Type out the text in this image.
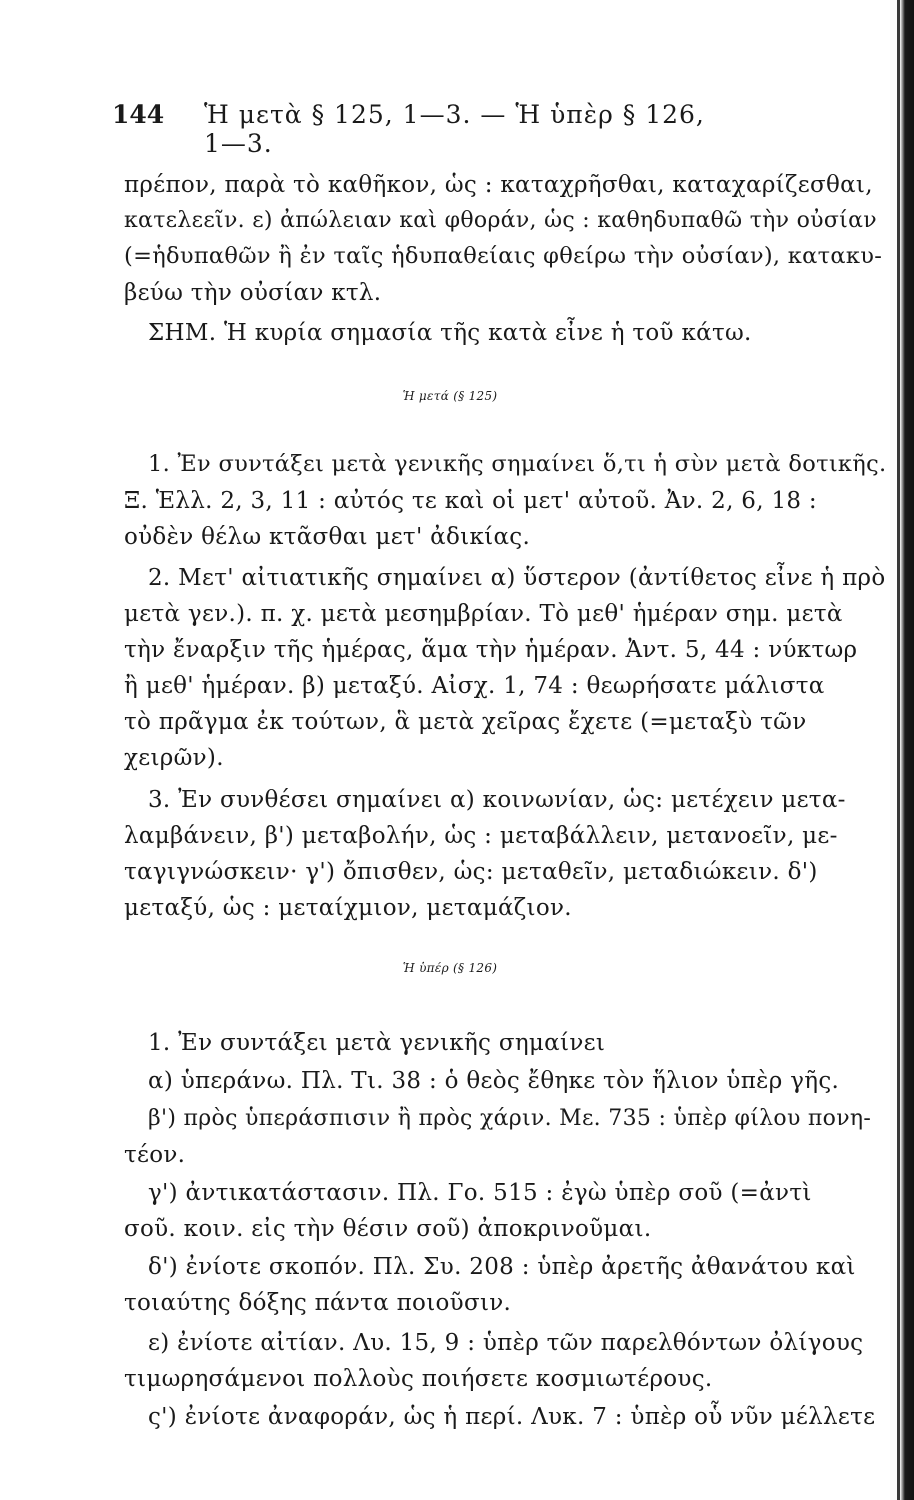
144 Ἡ μετὰ § 125, 1—3. — Ἡ ὑπὲρ § 126, 1—3.
πρέπον, παρὰ τὸ καθῆκον, ὡς : καταχρῆσθαι, καταχαρίζεσθαι,
κατελεεῖν. ε) ἀπώλειαν καὶ φθοράν, ὡς : καθηδυπαθῶ τὴν οὐσίαν
(=ἡδυπαθῶν ἢ ἐν ταῖς ἡδυπαθείαις φθείρω τὴν οὐσίαν), κατακυ-
βεύω τὴν οὐσίαν κτλ.
ΣΗΜ. Ἡ κυρία σημασία τῆς κατὰ εἶνε ἡ τοῦ κάτω.
Ἡ μετά (§ 125)
1. Ἐν συντάξει μετὰ γενικῆς σημαίνει ὅ,τι ἡ σὺν μετὰ δοτικῆς.
Ξ. Ἑλλ. 2, 3, 11 : αὐτός τε καὶ οἱ μετ' αὐτοῦ. Ἀν. 2, 6, 18 :
οὐδὲν θέλω κτᾶσθαι μετ' ἀδικίας.
2. Μετ' αἰτιατικῆς σημαίνει α) ὕστερον (ἀντίθετος εἶνε ἡ πρὸ
μετὰ γεν.). π. χ. μετὰ μεσημβρίαν. Τὸ μεθ' ἡμέραν σημ. μετὰ
τὴν ἔναρξιν τῆς ἡμέρας, ἅμα τὴν ἡμέραν. Ἀντ. 5, 44 : νύκτωρ
ἢ μεθ' ἡμέραν. β) μεταξύ. Αἰσχ. 1, 74 : θεωρήσατε μάλιστα
τὸ πρᾶγμα ἐκ τούτων, ἃ μετὰ χεῖρας ἔχετε (=μεταξὺ τῶν
χειρῶν).
3. Ἐν συνθέσει σημαίνει α) κοινωνίαν, ὡς: μετέχειν μετα-
λαμβάνειν, β') μεταβολήν, ὡς : μεταβάλλειν, μετανοεῖν, με-
ταγιγνώσκειν· γ') ὄπισθεν, ὡς: μεταθεῖν, μεταδιώκειν. δ')
μεταξύ, ὡς : μεταίχμιον, μεταμάζιον.
Ἡ ὑπέρ (§ 126)
1. Ἐν συντάξει μετὰ γενικῆς σημαίνει
α) ὑπεράνω. Πλ. Τι. 38 : ὁ θεὸς ἔθηκε τὸν ἥλιον ὑπὲρ γῆς.
β') πρὸς ὑπεράσπισιν ἢ πρὸς χάριν. Με. 735 : ὑπὲρ φίλου πονη-
τέον.
γ') ἀντικατάστασιν. Πλ. Γο. 515 : ἐγὼ ὑπὲρ σοῦ (=ἀντὶ
σοῦ. κοιν. εἰς τὴν θέσιν σοῦ) ἀποκρινοῦμαι.
δ') ἐνίοτε σκοπόν. Πλ. Συ. 208 : ὑπὲρ ἀρετῆς ἀθανάτου καὶ
τοιαύτης δόξης πάντα ποιοῦσιν.
ε) ἐνίοτε αἰτίαν. Λυ. 15, 9 : ὑπὲρ τῶν παρελθόντων ὀλίγους
τιμωρησάμενοι πολλοὺς ποιήσετε κοσμιωτέρους.
ς') ἐνίοτε ἀναφοράν, ὡς ἡ περί. Λυκ. 7 : ὑπὲρ οὗ νῦν μέλλετε
